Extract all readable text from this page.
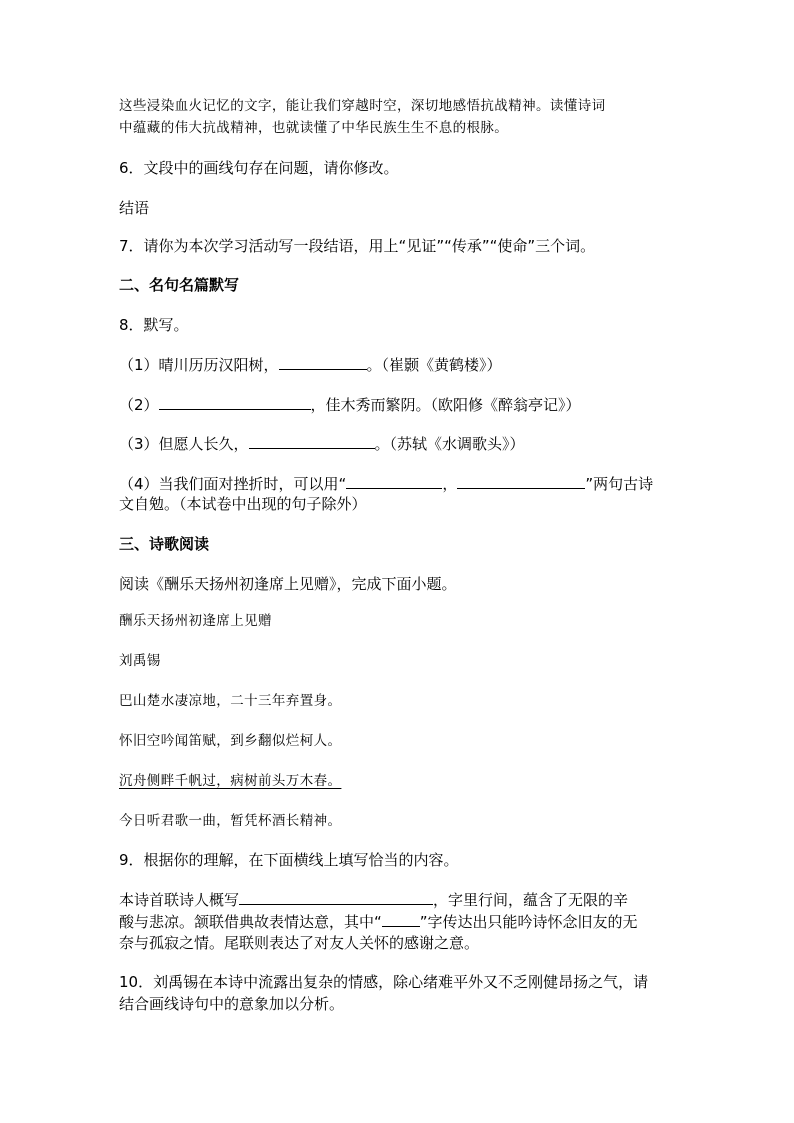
这些浸染血火记忆的文字，能让我们穿越时空，深切地感悟抗战精神。读懂诗词
中蕴藏的伟大抗战精神，也就读懂了中华民族生生不息的根脉。
6．文段中的画线句存在问题，请你修改。
结语
7．请你为本次学习活动写一段结语，用上“见证”“传承”“使命”三个词。
二、名句名篇默写
8．默写。
（1）晴川历历汉阳树，	。（崔颢《黄鹤楼》）
（2）	，佳木秀而繁阴。（欧阳修《醉翁亭记》）
（3）但愿人长久，	。（苏轼《水调歌头》）
（4）当我们面对挫折时，可以用“	，	”两句古诗
文自勉。（本试卷中出现的句子除外）
三、诗歌阅读
阅读《酬乐天扬州初逢席上见赠》，完成下面小题。
酬乐天扬州初逢席上见赠
刘禹锡
巴山楚水凄凉地，二十三年弃置身。
怀旧空吟闻笛赋，到乡翻似烂柯人。
沉舟侧畔千帆过，病树前头万木春。
今日听君歌一曲，暂凭杯酒长精神。
9．根据你的理解，在下面横线上填写恰当的内容。
本诗首联诗人概写	，字里行间，蕴含了无限的辛
酸与悲凉。颔联借典故表情达意，其中“	”字传达出只能吟诗怀念旧友的无
奈与孤寂之情。尾联则表达了对友人关怀的感谢之意。
10．刘禹锡在本诗中流露出复杂的情感，除心绪难平外又不乏刚健昂扬之气，请
结合画线诗句中的意象加以分析。
